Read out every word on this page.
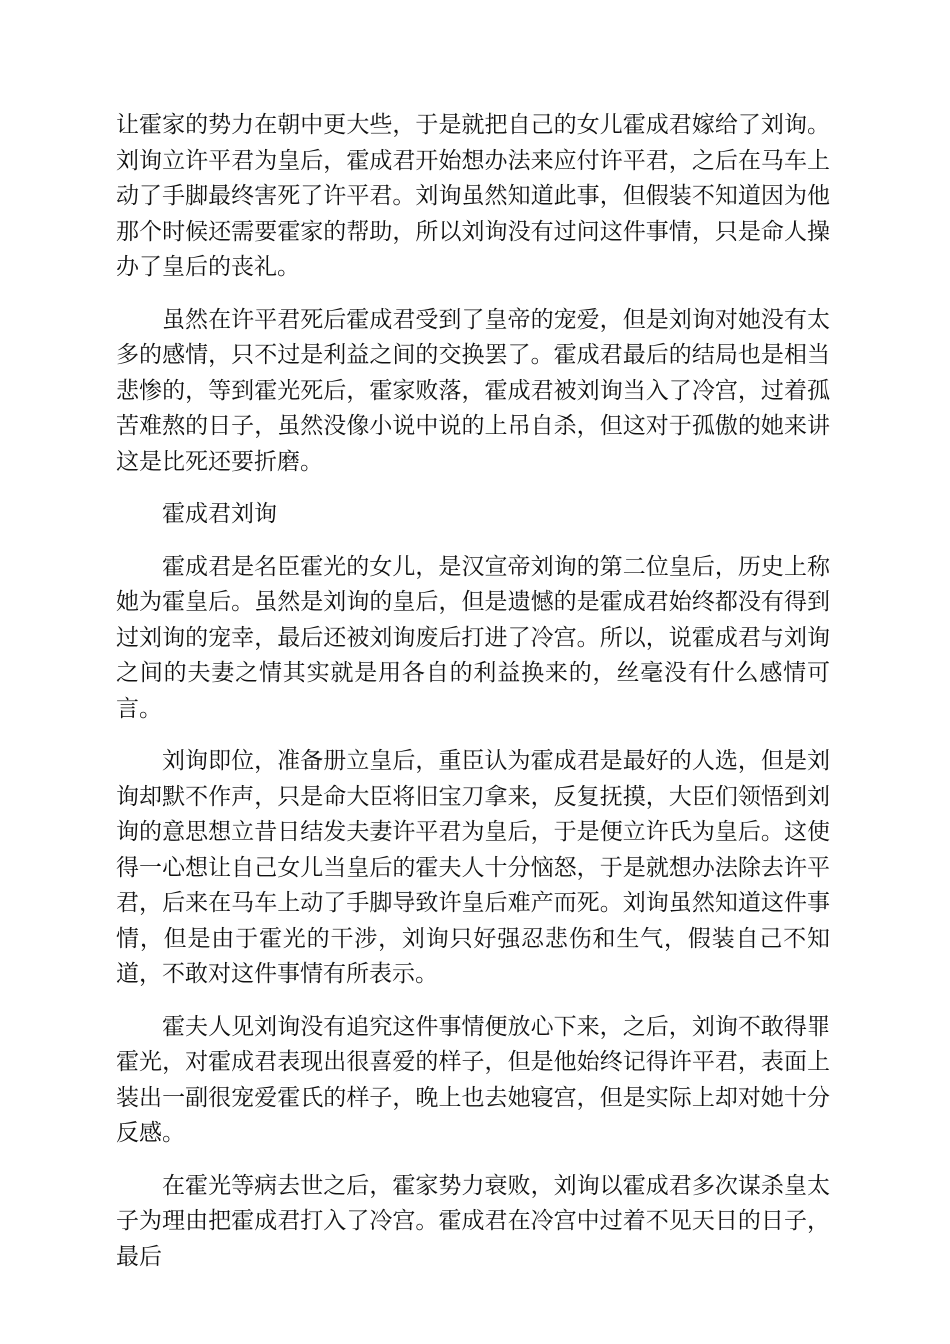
让霍家的势力在朝中更大些，于是就把自己的女儿霍成君嫁给了刘询。刘询立许平君为皇后，霍成君开始想办法来应付许平君，之后在马车上动了手脚最终害死了许平君。刘询虽然知道此事，但假装不知道因为他那个时候还需要霍家的帮助，所以刘询没有过问这件事情，只是命人操办了皇后的丧礼。

虽然在许平君死后霍成君受到了皇帝的宠爱，但是刘询对她没有太多的感情，只不过是利益之间的交换罢了。霍成君最后的结局也是相当悲惨的，等到霍光死后，霍家败落，霍成君被刘询当入了冷宫，过着孤苦难熬的日子，虽然没像小说中说的上吊自杀，但这对于孤傲的她来讲这是比死还要折磨。

霍成君刘询

霍成君是名臣霍光的女儿，是汉宣帝刘询的第二位皇后，历史上称她为霍皇后。虽然是刘询的皇后，但是遗憾的是霍成君始终都没有得到过刘询的宠幸，最后还被刘询废后打进了冷宫。所以，说霍成君与刘询之间的夫妻之情其实就是用各自的利益换来的，丝毫没有什么感情可言。

刘询即位，准备册立皇后，重臣认为霍成君是最好的人选，但是刘询却默不作声，只是命大臣将旧宝刀拿来，反复抚摸，大臣们领悟到刘询的意思想立昔日结发夫妻许平君为皇后，于是便立许氏为皇后。这使得一心想让自己女儿当皇后的霍夫人十分恼怒，于是就想办法除去许平君，后来在马车上动了手脚导致许皇后难产而死。刘询虽然知道这件事情，但是由于霍光的干涉，刘询只好强忍悲伤和生气，假装自己不知道，不敢对这件事情有所表示。

霍夫人见刘询没有追究这件事情便放心下来，之后，刘询不敢得罪霍光，对霍成君表现出很喜爱的样子，但是他始终记得许平君，表面上装出一副很宠爱霍氏的样子，晚上也去她寝宫，但是实际上却对她十分反感。

在霍光等病去世之后，霍家势力衰败，刘询以霍成君多次谋杀皇太子为理由把霍成君打入了冷宫。霍成君在冷宫中过着不见天日的日子，最后
